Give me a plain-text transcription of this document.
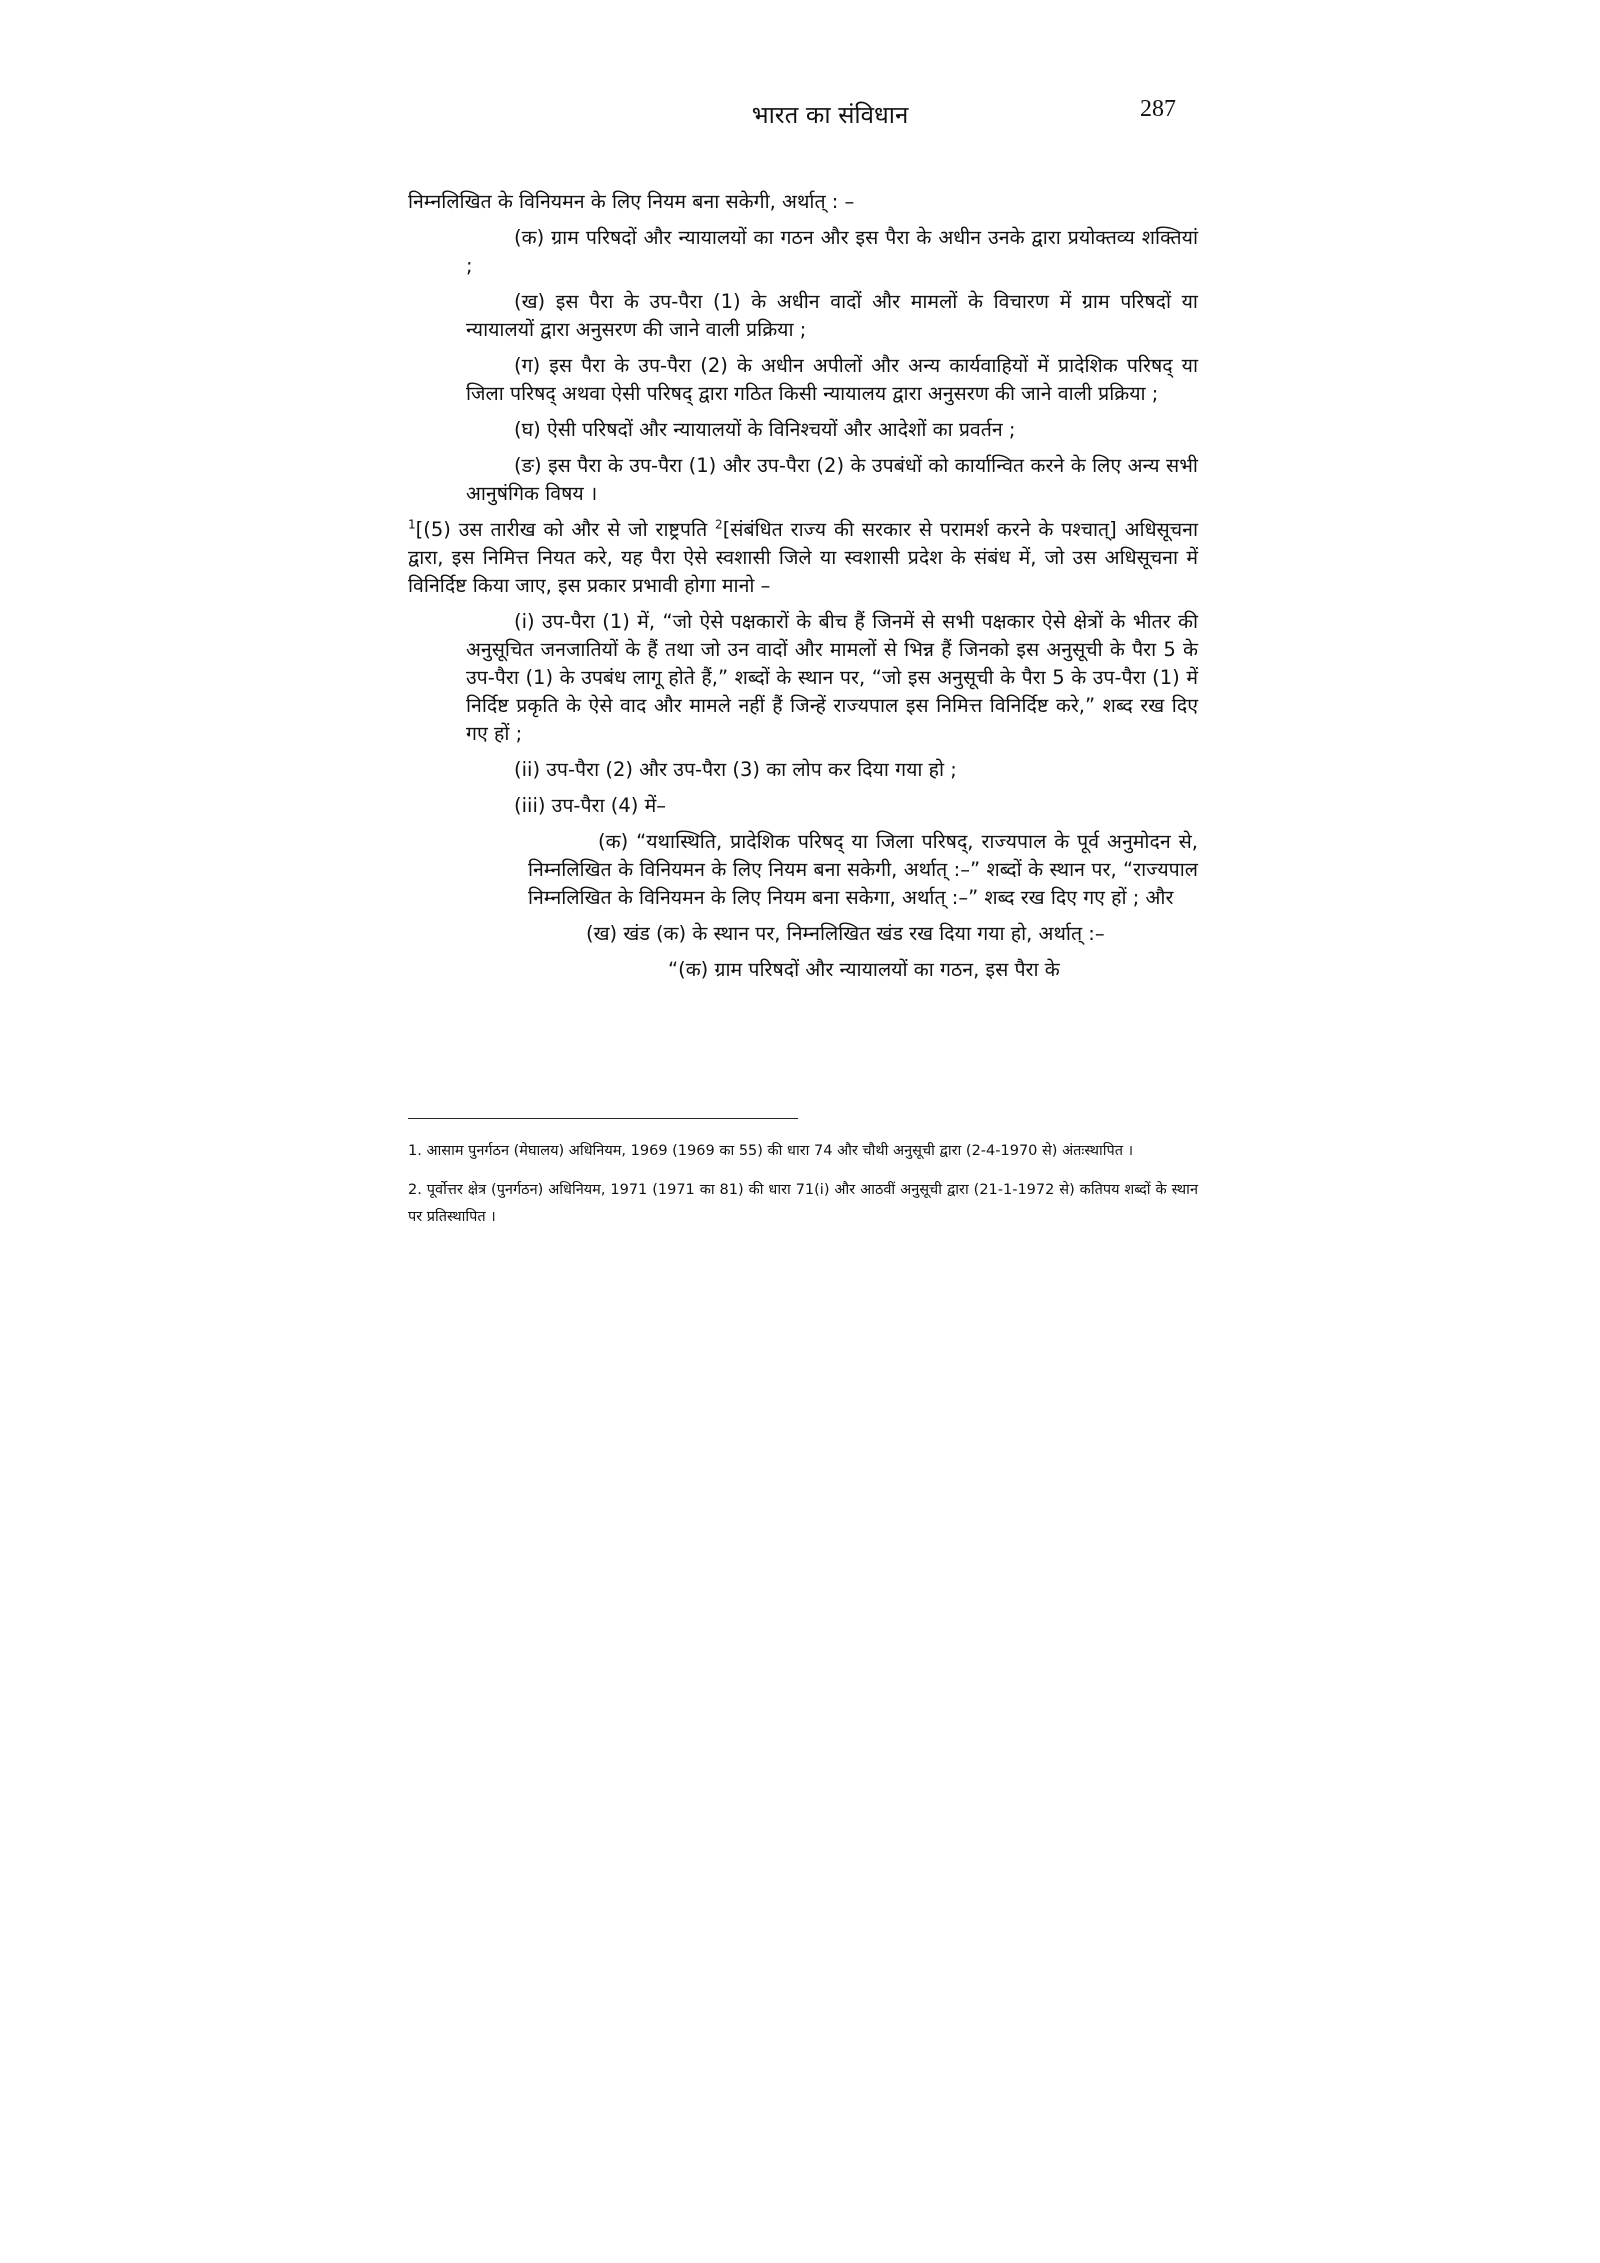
भारत का संविधान	287

निम्नलिखित के विनियमन के लिए नियम बना सकेगी, अर्थात् : –

(क) ग्राम परिषदों और न्यायालयों का गठन और इस पैरा के अधीन उनके द्वारा प्रयोक्तव्य शक्तियां ;

(ख) इस पैरा के उप-पैरा (1) के अधीन वादों और मामलों के विचारण में ग्राम परिषदों या न्यायालयों द्वारा अनुसरण की जाने वाली प्रक्रिया ;

(ग) इस पैरा के उप-पैरा (2) के अधीन अपीलों और अन्य कार्यवाहियों में प्रादेशिक परिषद् या जिला परिषद् अथवा ऐसी परिषद् द्वारा गठित किसी न्यायालय द्वारा अनुसरण की जाने वाली प्रक्रिया ;

(घ) ऐसी परिषदों और न्यायालयों के विनिश्चयों और आदेशों का प्रवर्तन ;

(ङ) इस पैरा के उप-पैरा (1) और उप-पैरा (2) के उपबंधों को कार्यान्वित करने के लिए अन्य सभी आनुषंगिक विषय ।

$^1$[(5) उस तारीख को और से जो राष्ट्रपति $^2$[संबंधित राज्य की सरकार से परामर्श करने के पश्चात्] अधिसूचना द्वारा, इस निमित्त नियत करे, यह पैरा ऐसे स्वशासी जिले या स्वशासी प्रदेश के संबंध में, जो उस अधिसूचना में विनिर्दिष्ट किया जाए, इस प्रकार प्रभावी होगा मानो –

(i) उप-पैरा (1) में, “जो ऐसे पक्षकारों के बीच हैं जिनमें से सभी पक्षकार ऐसे क्षेत्रों के भीतर की अनुसूचित जनजातियों के हैं तथा जो उन वादों और मामलों से भिन्न हैं जिनको इस अनुसूची के पैरा 5 के उप-पैरा (1) के उपबंध लागू होते हैं,” शब्दों के स्थान पर, “जो इस अनुसूची के पैरा 5 के उप-पैरा (1) में निर्दिष्ट प्रकृति के ऐसे वाद और मामले नहीं हैं जिन्हें राज्यपाल इस निमित्त विनिर्दिष्ट करे,” शब्द रख दिए गए हों ;

(ii) उप-पैरा (2) और उप-पैरा (3) का लोप कर दिया गया हो ;

(iii) उप-पैरा (4) में–

(क) “यथास्थिति, प्रादेशिक परिषद् या जिला परिषद्, राज्यपाल के पूर्व अनुमोदन से, निम्नलिखित के विनियमन के लिए नियम बना सकेगी, अर्थात् :–” शब्दों के स्थान पर, “राज्यपाल निम्नलिखित के विनियमन के लिए नियम बना सकेगा, अर्थात् :–” शब्द रख दिए गए हों ; और

(ख) खंड (क) के स्थान पर, निम्नलिखित खंड रख दिया गया हो, अर्थात् :–

“(क) ग्राम परिषदों और न्यायालयों का गठन, इस पैरा के

1. आसाम पुनर्गठन (मेघालय) अधिनियम, 1969 (1969 का 55) की धारा 74 और चौथी अनुसूची द्वारा (2-4-1970 से) अंतःस्थापित ।

2. पूर्वोत्तर क्षेत्र (पुनर्गठन) अधिनियम, 1971 (1971 का 81) की धारा 71(i) और आठवीं अनुसूची द्वारा (21-1-1972 से) कतिपय शब्दों के स्थान पर प्रतिस्थापित ।
